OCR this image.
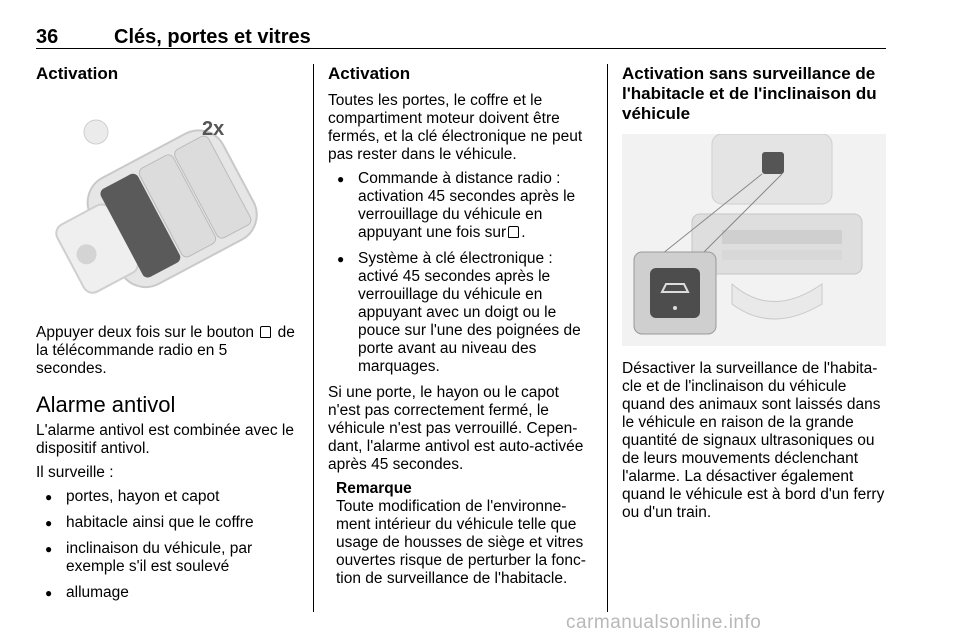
36	Clés, portes et vitres
Activation
2x

Appuyer deux fois sur le bouton de la télécommande radio en 5 secondes.

Alarme antivol

L'alarme antivol est combinée avec le dispositif antivol.

Il surveille :

● portes, hayon et capot
● habitacle ainsi que le coffre
● inclinaison du véhicule, par exemple s'il est soulevé
● allumage
Activation

Toutes les portes, le coffre et le compartiment moteur doivent être fermés, et la clé électronique ne peut pas rester dans le véhicule.

● Commande à distance radio : activation 45 secondes après le verrouillage du véhicule en appuyant une fois sur .
● Système à clé électronique : activé 45 secondes après le verrouillage du véhicule en appuyant avec un doigt ou le pouce sur l'une des poignées de porte avant au niveau des marquages.

Si une porte, le hayon ou le capot n'est pas correctement fermé, le véhicule n'est pas verrouillé. Cepen-dant, l'alarme antivol est auto-activée après 45 secondes.

Remarque
Toute modification de l'environne-ment intérieur du véhicule telle que usage de housses de siège et vitres ouvertes risque de perturber la fonc-tion de surveillance de l'habitacle.
Activation sans surveillance de l'habitacle et de l'inclinaison du véhicule

Désactiver la surveillance de l'habita-cle et de l'inclinaison du véhicule quand des animaux sont laissés dans le véhicule en raison de la grande quantité de signaux ultrasoniques ou de leurs mouvements déclenchant l'alarme. La désactiver également quand le véhicule est à bord d'un ferry ou d'un train.

carmanualsonline.info
